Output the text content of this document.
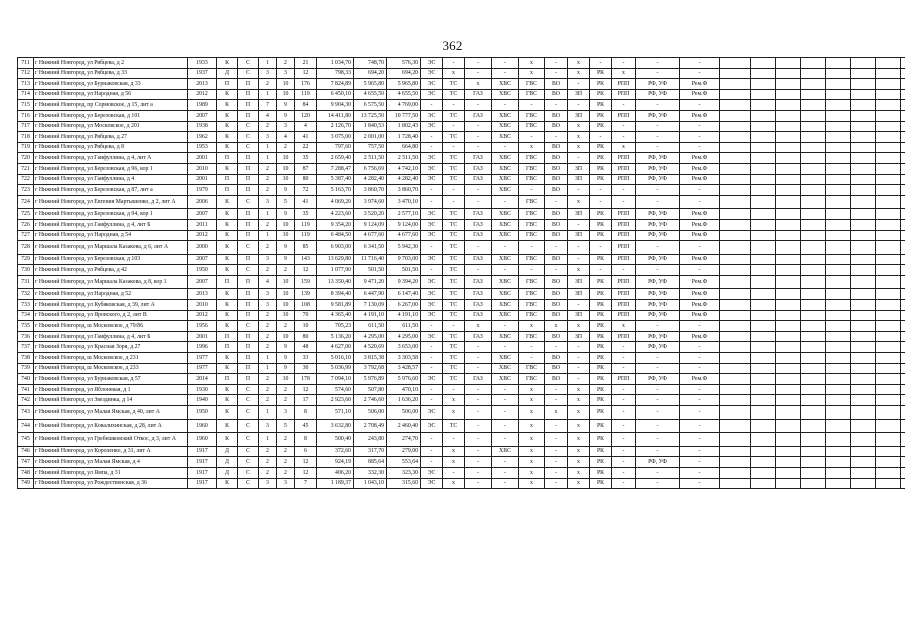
362
711	г Нижний Новгород, ул Рябцева, д 2	1933	К	С	1	2	21	1 034,70	748,70	576,30	ЭС	-	-	-	х	-	х	-	-	-	-									
712	г Нижний Новгород, ул Рябцева, д 33	1937	Д	С	3	3	12	798,33	694,20	694,20	ЭС	х	-	-	х	-	х	РК	х	-	-									
713	г Нижний Новгород, ул Бурнаковская, д 33	2013	П	П	2	10	176	7 824,89	5 965,80	5 965,80	ЭС	ТС	х	ХВС	ГВС	ВО	-	РК	РПП	РФ, УФ	Рем.Ф									
714	г Нижний Новгород, ул Народная, д 56	2012	К	П	1	10	119	6 450,10	4 655,50	4 655,50	ЭС	ТС	ГАЗ	ХВС	ГВС	ВО	ЗП	РК	РПП	РФ, УФ	Рем.Ф									
715	г Нижний Новгород, пр Сормовское, д 15, лит а	1989	К	П	7	9	84	9 904,30	6 575,50	4 769,00	-	-	-	-	-	-	-	РК	-	-	-									
716	г Нижний Новгород, ул Березовская, д 101	2007	К	П	4	9	120	14 411,80	13 725,50	10 777,50	ЭС	ТС	ГАЗ	ХВС	ГВС	ВО	ЗП	РК	РПП	РФ, УФ	Рем.Ф									
717	г Нижний Новгород, ул Московское, д 201	1938	К	С	2	3	4	2 126,70	1 840,53	1 802,43	ЭС	-	-	ХВС	ГВС	ВО	х	РК	-	-	-									
718	г Нижний Новгород, ул Рябцева, д 27	1962	К	С	3	4	41	3 075,00	2 001,00	1 728,40	-	ТС	-	ХВС	-	-	х	-	-	-	-									
719	г Нижний Новгород, ул Рябцева, д 8	1953	К	С	1	2	22	797,60	757,50	664,80	-	-	-	-	х	ВО	х	РК	х	-	-									
720	г Нижний Новгород, ул Гаифуллина, д 4, лит А	2001	П	П	1	10	35	2 659,40	2 511,50	2 511,50	ЭС	ТС	ГАЗ	ХВС	ГВС	ВО	-	РК	РПП	РФ, УФ	Рем.Ф									
721	г Нижний Новгород, ул Березовская, д 96, кор 1	2010	К	П	2	10	87	7 288,47	6 756,69	4 742,10	ЭС	ТС	ГАЗ	ХВС	ГВС	ВО	ЗП	РК	РПП	РФ, УФ	Рем.Ф									
722	г Нижний Новгород, ул Гаифуллина, д 4	2001	П	П	2	10	80	5 387,40	4 282,40	4 282,40	ЭС	ТС	ГАЗ	ХВС	ГВС	ВО	ЗП	РК	РПП	РФ, УФ	Рем.Ф									
723	г Нижний Новгород, ул Березовская, д 87, лит а	1979	П	П	2	9	72	5 163,70	3 860,70	3 860,70	-	-	-	ХВС	-	ВО	-	-	-	-	-									
724	г Нижний Новгород, ул Евгения Мартышенко, д 2, лит А	2006	К	С	3	5	41	4 069,20	3 974,60	3 470,10	-	-	-	-	ГВС	-	х	-	-	-	-									
725	г Нижний Новгород, ул Березовская, д 94, кор 1	2007	К	П	1	9	35	4 223,60	3 520,20	2 577,10	ЭС	ТС	ГАЗ	ХВС	ГВС	ВО	ЗП	РК	РПП	РФ, УФ	Рем.Ф									
726	г Нижний Новгород, ул Гаифуллина, д 4, лит Б	2011	К	П	2	10	119	9 354,20	9 124,09	9 124,00	ЭС	ТС	ГАЗ	ХВС	ГВС	ВО	-	РК	РПП	РФ, УФ	Рем.Ф									
727	г Нижний Новгород, ул Народная, д 54	2012	К	П	1	10	119	6 484,50	4 677,60	4 677,60	ЭС	ТС	ГАЗ	ХВС	ГВС	ВО	ЗП	РК	РПП	РФ, УФ	Рем.Ф									
728	г Нижний Новгород, ул Маршала Казакова, д 6, лит А	2000	К	С	2	9	85	6 903,00	6 341,50	5 942,30	-	ТС	-	-	-	-	-	-	РПП	-	-									
729	г Нижний Новгород, ул Березовская, д 103	2007	К	П	3	9	143	13 629,80	11 716,40	9 703,00	ЭС	ТС	ГАЗ	ХВС	ГВС	ВО	-	РК	РПП	РФ, УФ	Рем.Ф									
730	г Нижний Новгород, ул Рябцева, д 42	1950	К	С	2	2	12	1 077,90	501,50	501,50	-	ТС	-	-	-	-	х	-	-	-	-									
731	г Нижний Новгород, ул Маршала Казакова, д 8, кор 1	2007	П	П	4	10	159	13 350,40	9 471,20	9 394,20	ЭС	ТС	ГАЗ	ХВС	ГВС	ВО	ЗП	РК	РПП	РФ, УФ	Рем.Ф									
732	г Нижний Новгород, ул Народная, д 52	2013	К	П	3	10	139	8 394,40	6 447,90	6 147,40	ЭС	ТС	ГАЗ	ХВС	ГВС	ВО	ЗП	РК	РПП	РФ, УФ	Рем.Ф									
733	г Нижний Новгород, ул Кубяковская, д 39, лит А	2010	К	П	3	10	108	9 581,89	7 130,09	6 267,00	ЭС	ТС	ГАЗ	ХВС	ГВС	ВО	-	РК	РПП	РФ, УФ	Рем.Ф									
734	г Нижний Новгород, ул Яровского, д 2, лит В	2012	К	П	2	10	70	4 365,40	4 191,10	4 191,10	ЭС	ТС	ГАЗ	ХВС	ГВС	ВО	ЗП	РК	РПП	РФ, УФ	Рем.Ф									
735	г Нижний Новгород, ш Московское, д 79/86	1956	К	С	2	2	10	705,23	611,50	611,50	-	-	х	-	х	х	х	РК	х	-	-									
736	г Нижний Новгород, ул Гаифуллина, д 4, лит Б	2001	П	П	2	10	80	5 136,20	4 295,00	4 295,00	ЭС	ТС	ГАЗ	ХВС	ГВС	ВО	ЗП	РК	РПП	РФ, УФ	Рем.Ф									
737	г Нижний Новгород, ул Красная Зоря, д 27	1996	П	П	2	9	48	4 627,00	4 520,69	3 653,00	-	ТС	-	-	-	-	-	РК	-	РФ, УФ	-									
738	г Нижний Новгород, ш Московское, д 231	1977	К	П	1	9	33	5 016,10	3 815,38	3 303,58	-	ТС	-	ХВС	-	ВО	-	РК	-	-	-									
739	г Нижний Новгород, ш Московское, д 233	1977	К	П	1	9	30	5 036,99	3 792,68	3 428,57	-	ТС	-	ХВС	ГВС	ВО	-	РК	-	-	-									
740	г Нижний Новгород, ул Бурнаковская, д 57	2014	П	П	2	10	178	7 094,10	5 976,89	5 976,60	ЭС	ТС	ГАЗ	ХВС	ГВС	ВО	-	РК	РПП	РФ, УФ	Рем.Ф									
741	г Нижний Новгород, ул Яблоневая, д 1	1930	К	С	2	2	12	574,60	507,80	470,10	-	-	-	-	х	-	х	РК	-	-	-									
742	г Нижний Новгород, ул Звездинка, д 14	1940	К	С	2	2	17	2 923,60	2 746,60	1 636,20	-	х	-	-	х	-	х	РК	-	-	-									
743	г Нижний Новгород, ул Малая Ямская, д 40, лит А	1950	К	С	1	3	8	571,10	506,00	506,00	ЭС	х	-	-	х	х	х	РК	-	-	-									
744	г Нижний Новгород, ул Ковалихинская, д 28, лит А	1960	К	С	3	5	45	3 632,80	2 708,49	2 460,40	ЭС	ТС	-	-	х	-	х	РК	-	-	-									
745	г Нижний Новгород, ул Гребешковский Откос, д 3, лит А	1960	К	С	1	2	8	500,40	243,80	274,70	-	-	-	-	х	-	х	РК	-	-	-									
746	г Нижний Новгород, ул Короленко, д 31, лит А	1917	Д	С	2	2	6	372,60	317,70	279,00	-	х	-	ХВС	х	-	х	РК	-	-	-									
747	г Нижний Новгород, ул Малая Ямская, д 4	1917	Д	С	2	2	12	924,19	885,64	553,64	-	х	-	-	х	-	х	РК	-	РФ, УФ	-									
748	г Нижний Новгород, ул Ямпа, д 31	1917	Д	С	2	2	12	406,20	332,30	323,30	ЭС	-	-	-	х	-	х	РК	-	-	-									
749	г Нижний Новгород, ул Рождественская, д 36	1917	К	С	3	3	7	1 189,37	1 043,10	315,60	ЭС	х	-	-	х	-	х	РК	-	-	-									
